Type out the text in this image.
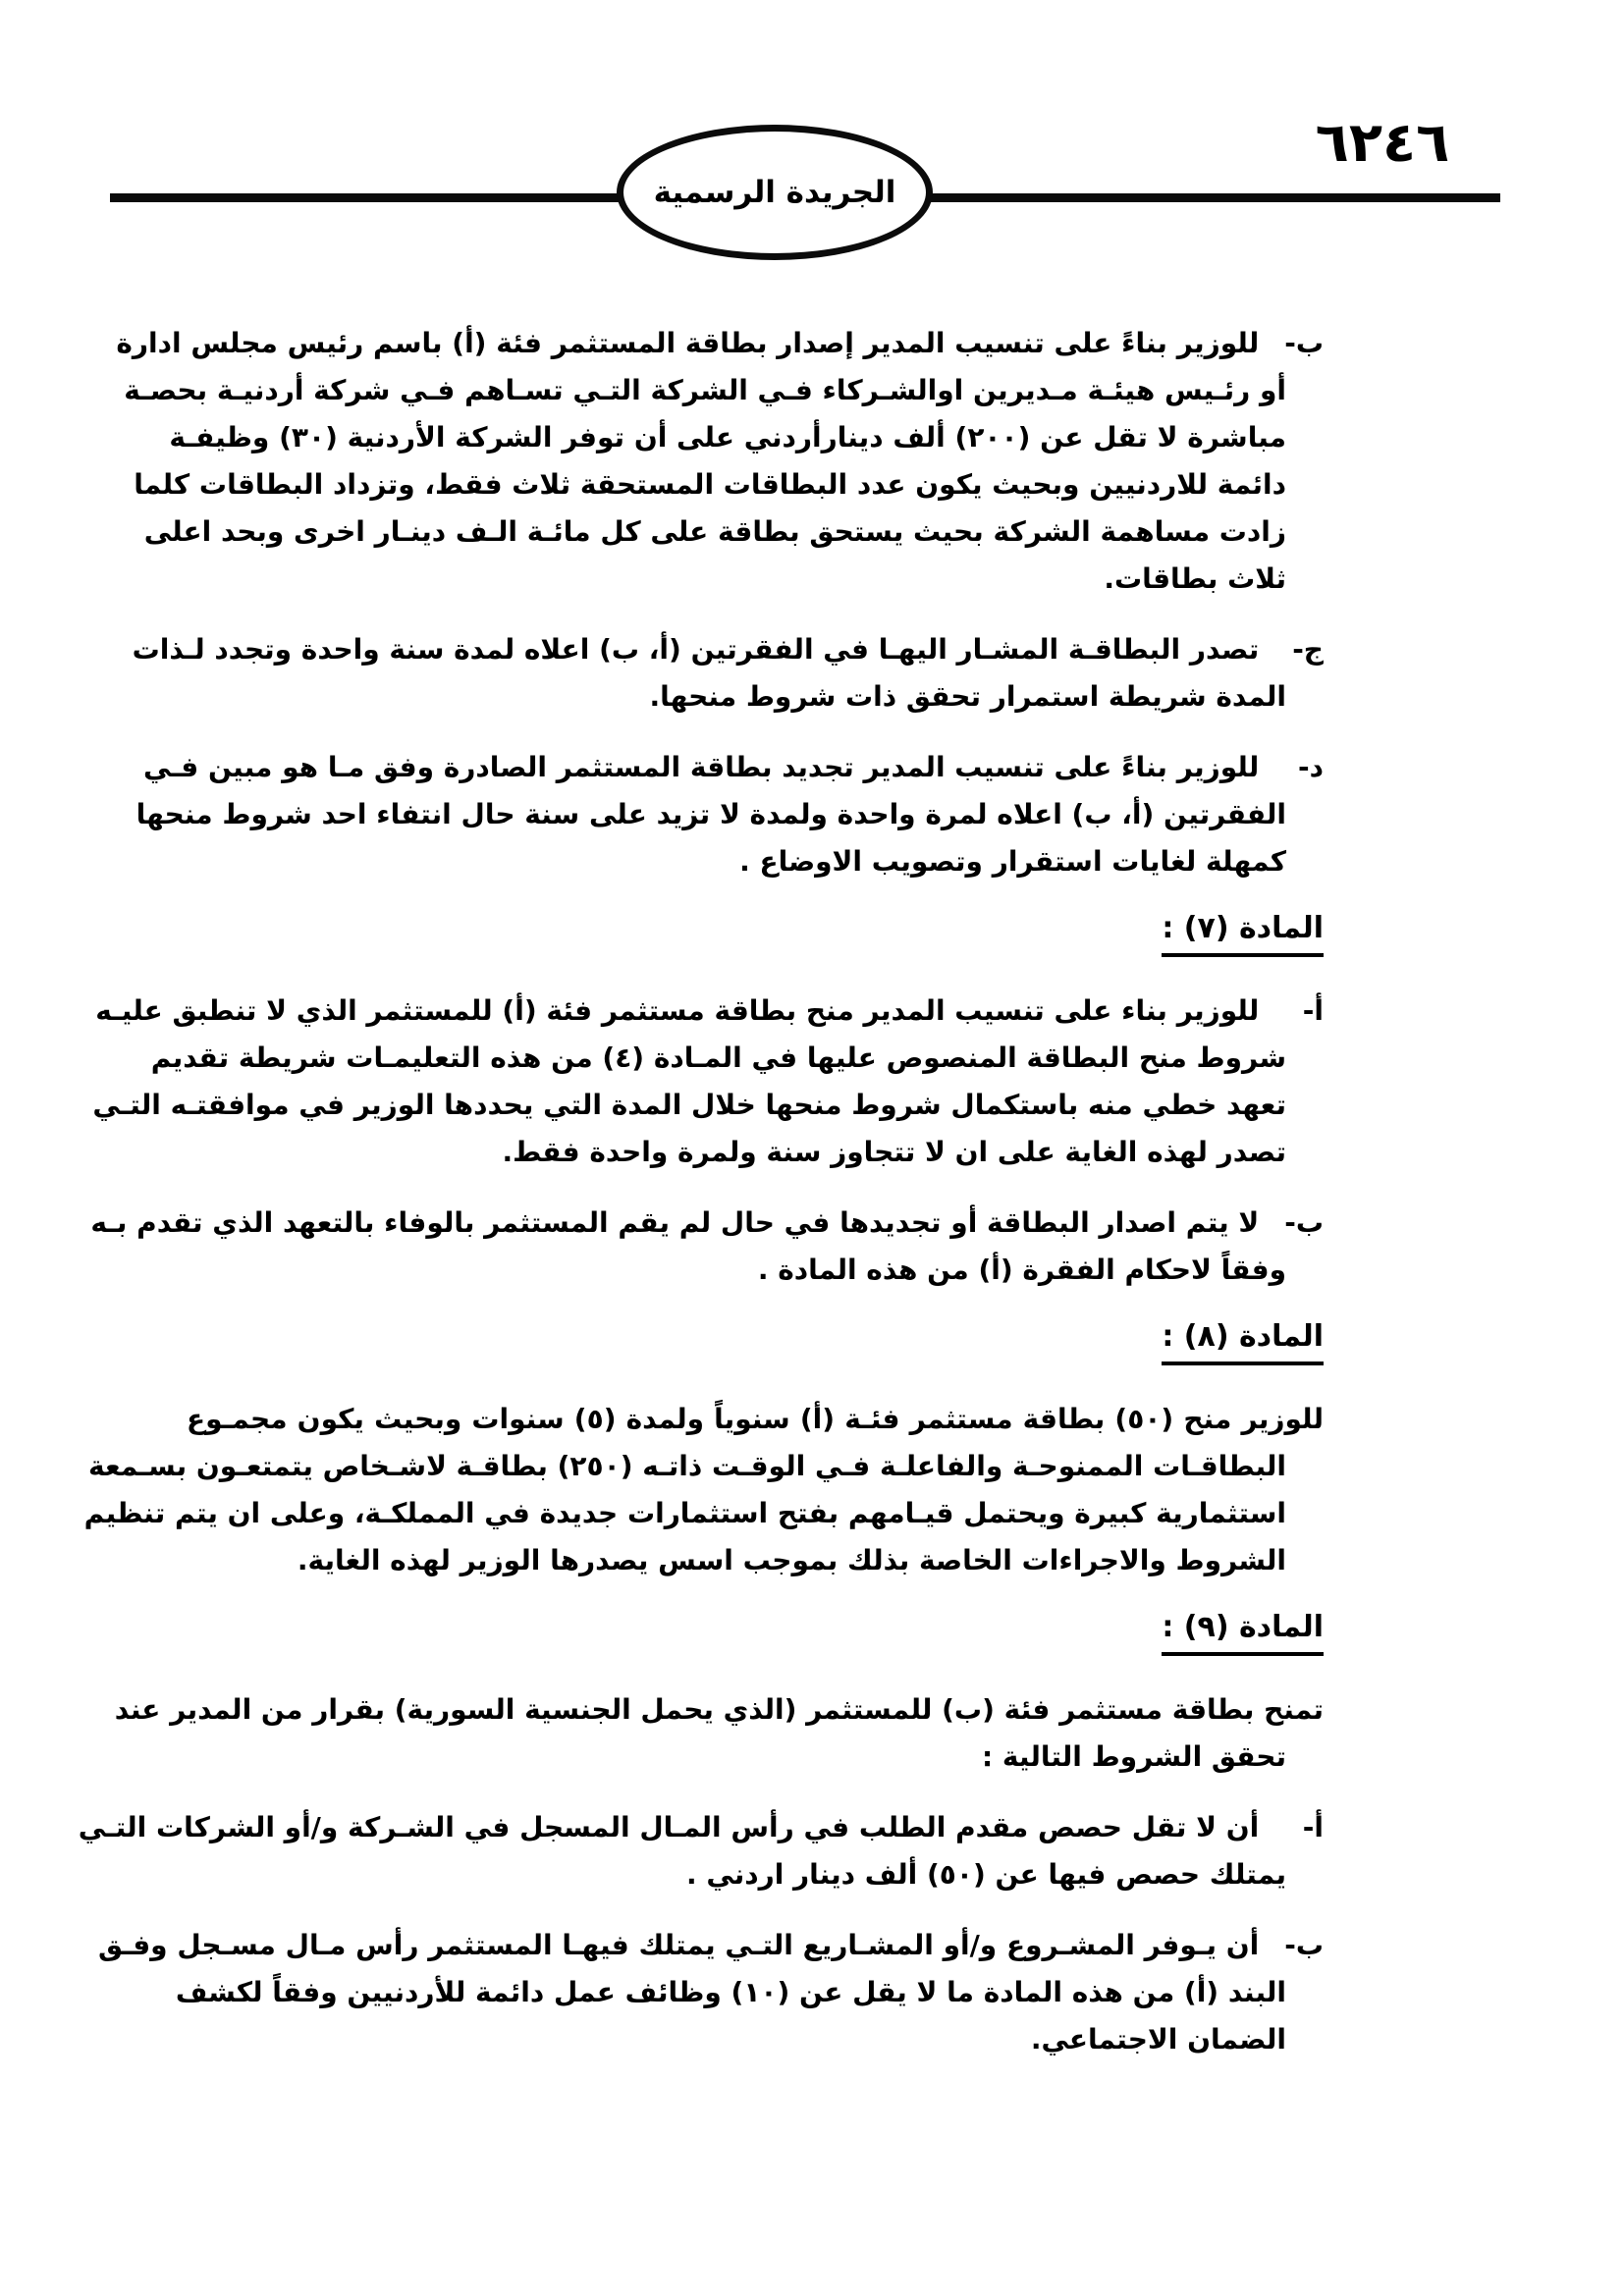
الجريدة الرسمية
٦٢٤٦
ب- للوزير بناءً على تنسيب المدير إصدار بطاقة المستثمر فئة (أ) باسم رئيس مجلس ادارة
أو رئـيس هيئـة مـديرين اوالشـركاء فـي الشركة التـي تسـاهم فـي شركة أردنيـة بحصـة
مباشرة لا تقل عن (٢٠٠) ألف دينارأردني على أن توفر الشركة الأردنية (٣٠) وظيفـة
دائمة للاردنيين وبحيث يكون عدد البطاقات المستحقة ثلاث فقط، وتزداد البطاقات كلما
زادت مساهمة الشركة بحيث يستحق بطاقة على كل مائـة الـف دينـار اخرى وبحد اعلى
ثلاث بطاقات.
ج- تصدر البطاقـة المشـار اليهـا في الفقرتين (أ، ب) اعلاه لمدة سنة واحدة وتجدد لـذات
المدة شريطة استمرار تحقق ذات شروط منحها.
د- للوزير بناءً على تنسيب المدير تجديد بطاقة المستثمر الصادرة وفق مـا هو مبين فـي
الفقرتين (أ، ب) اعلاه لمرة واحدة ولمدة لا تزيد على سنة حال انتفاء احد شروط منحها
كمهلة لغايات استقرار وتصويب الاوضاع .
المادة (٧) :
أ- للوزير بناء على تنسيب المدير منح بطاقة مستثمر فئة (أ) للمستثمر الذي لا تنطبق عليـه
شروط منح البطاقة المنصوص عليها في المـادة (٤) من هذه التعليمـات شريطة تقديم
تعهد خطي منه باستكمال شروط منحها خلال المدة التي يحددها الوزير في موافقتـه التـي
تصدر لهذه الغاية على ان لا تتجاوز سنة ولمرة واحدة فقط.
ب- لا يتم اصدار البطاقة أو تجديدها في حال لم يقم المستثمر بالوفاء بالتعهد الذي تقدم بـه
وفقاً لاحكام الفقرة (أ) من هذه المادة .
المادة (٨) :
للوزير منح (٥٠) بطاقة مستثمر فئـة (أ) سنوياً ولمدة (٥) سنوات وبحيث يكون مجمـوع
البطاقـات الممنوحـة والفاعلـة فـي الوقـت ذاتـه (٢٥٠) بطاقـة لاشـخاص يتمتعـون بسـمعة
استثمارية كبيرة ويحتمل قيـامهم بفتح استثمارات جديدة في المملكـة، وعلى ان يتم تنظيم
الشروط والاجراءات الخاصة بذلك بموجب اسس يصدرها الوزير لهذه الغاية.
المادة (٩) :
تمنح بطاقة مستثمر فئة (ب) للمستثمر (الذي يحمل الجنسية السورية) بقرار من المدير عند
تحقق الشروط التالية :
أ- أن لا تقل حصص مقدم الطلب في رأس المـال المسجل في الشـركة و/أو الشركات التـي
يمتلك حصص فيها عن (٥٠) ألف دينار اردني .
ب- أن يـوفر المشـروع و/أو المشـاريع التـي يمتلك فيهـا المستثمر رأس مـال مسـجل وفـق
البند (أ) من هذه المادة ما لا يقل عن (١٠) وظائف عمل دائمة للأردنيين وفقاً لكشف
الضمان الاجتماعي.
